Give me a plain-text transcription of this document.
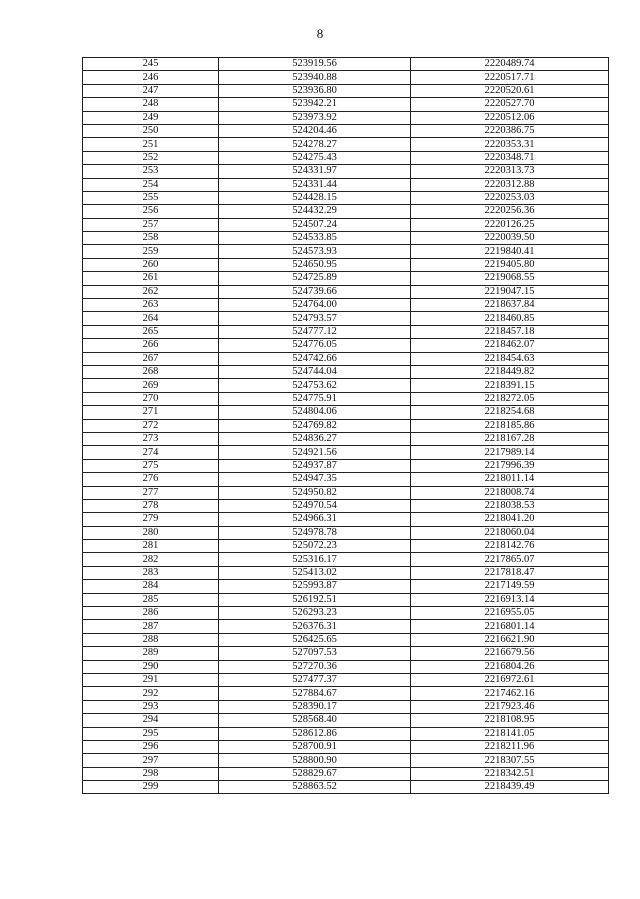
8
245	523919.56	2220489.74
246	523940.88	2220517.71
247	523936.80	2220520.61
248	523942.21	2220527.70
249	523973.92	2220512.06
250	524204.46	2220386.75
251	524278.27	2220353.31
252	524275.43	2220348.71
253	524331.97	2220313.73
254	524331.44	2220312.88
255	524428.15	2220253.03
256	524432.29	2220256.36
257	524507.24	2220126.25
258	524533.85	2220039.50
259	524573.93	2219840.41
260	524650.95	2219405.80
261	524725.89	2219068.55
262	524739.66	2219047.15
263	524764.00	2218637.84
264	524793.57	2218460.85
265	524777.12	2218457.18
266	524776.05	2218462.07
267	524742.66	2218454.63
268	524744.04	2218449.82
269	524753.62	2218391.15
270	524775.91	2218272.05
271	524804.06	2218254.68
272	524769.82	2218185.86
273	524836.27	2218167.28
274	524921.56	2217989.14
275	524937.87	2217996.39
276	524947.35	2218011.14
277	524950.82	2218008.74
278	524970.54	2218038.53
279	524966.31	2218041.20
280	524978.78	2218060.04
281	525072.23	2218142.76
282	525316.17	2217865.07
283	525413.02	2217818.47
284	525993.87	2217149.59
285	526192.51	2216913.14
286	526293.23	2216955.05
287	526376.31	2216801.14
288	526425.65	2216621.90
289	527097.53	2216679.56
290	527270.36	2216804.26
291	527477.37	2216972.61
292	527884.67	2217462.16
293	528390.17	2217923.46
294	528568.40	2218108.95
295	528612.86	2218141.05
296	528700.91	2218211.96
297	528800.90	2218307.55
298	528829.67	2218342.51
299	528863.52	2218439.49
